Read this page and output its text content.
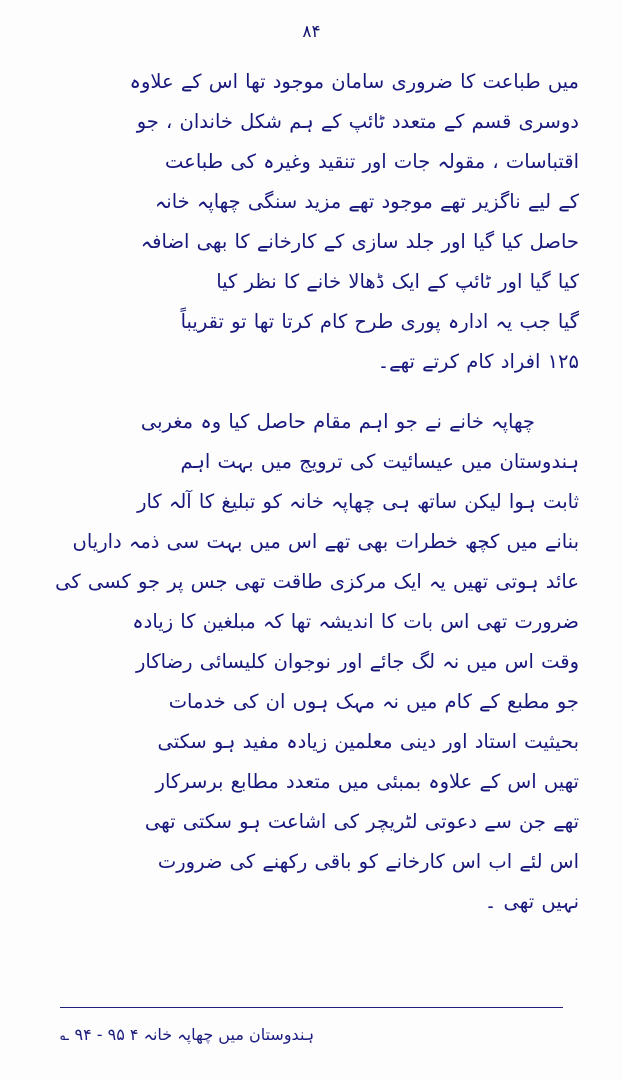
۸۴
میں طباعت کا ضروری سامان موجود تھا اس کے علاوہ
دوسری قسم کے متعدد ٹائپ کے ہم شکل خاندان ، جو
اقتباسات ، مقولہ جات اور تنقید وغیرہ کی طباعت
کے لیے ناگزیر تھے موجود تھے مزید سنگی چھاپہ خانہ
حاصل کیا گیا اور جلد سازی کے کارخانے کا بھی اضافہ
کیا گیا اور ٹائپ کے ایک ڈھالا خانے کا نظر کیا
گیا جب یہ ادارہ پوری طرح کام کرتا تھا تو تقریباً
۱۲۵ افراد کام کرتے تھے۔
چھاپہ خانے نے جو اہم مقام حاصل کیا وہ مغربی
ہندوستان میں عیسائیت کی ترویج میں بہت اہم
ثابت ہوا لیکن ساتھ ہی چھاپہ خانہ کو تبلیغ کا آلہ کار
بنانے میں کچھ خطرات بھی تھے اس میں بہت سی ذمہ داریاں
عائد ہوتی تھیں یہ ایک مرکزی طاقت تھی جس پر جو کسی کی
ضرورت تھی اس بات کا اندیشہ تھا کہ مبلغین کا زیادہ
وقت اس میں نہ لگ جائے اور نوجوان کلیسائی رضاکار
جو مطبع کے کام میں نہ مہک ہوں ان کی خدمات
بحیثیت استاد اور دینی معلمین زیادہ مفید ہو سکتی
تھیں اس کے علاوہ بمبئی میں متعدد مطابع برسرکار
تھے جن سے دعوتی لٹریچر کی اشاعت ہو سکتی تھی
اس لئے اب اس کارخانے کو باقی رکھنے کی ضرورت
نہیں تھی ۔
ہندوستان میں چھاپہ خانہ ۴ ۹۵ - ۹۴ ؎
